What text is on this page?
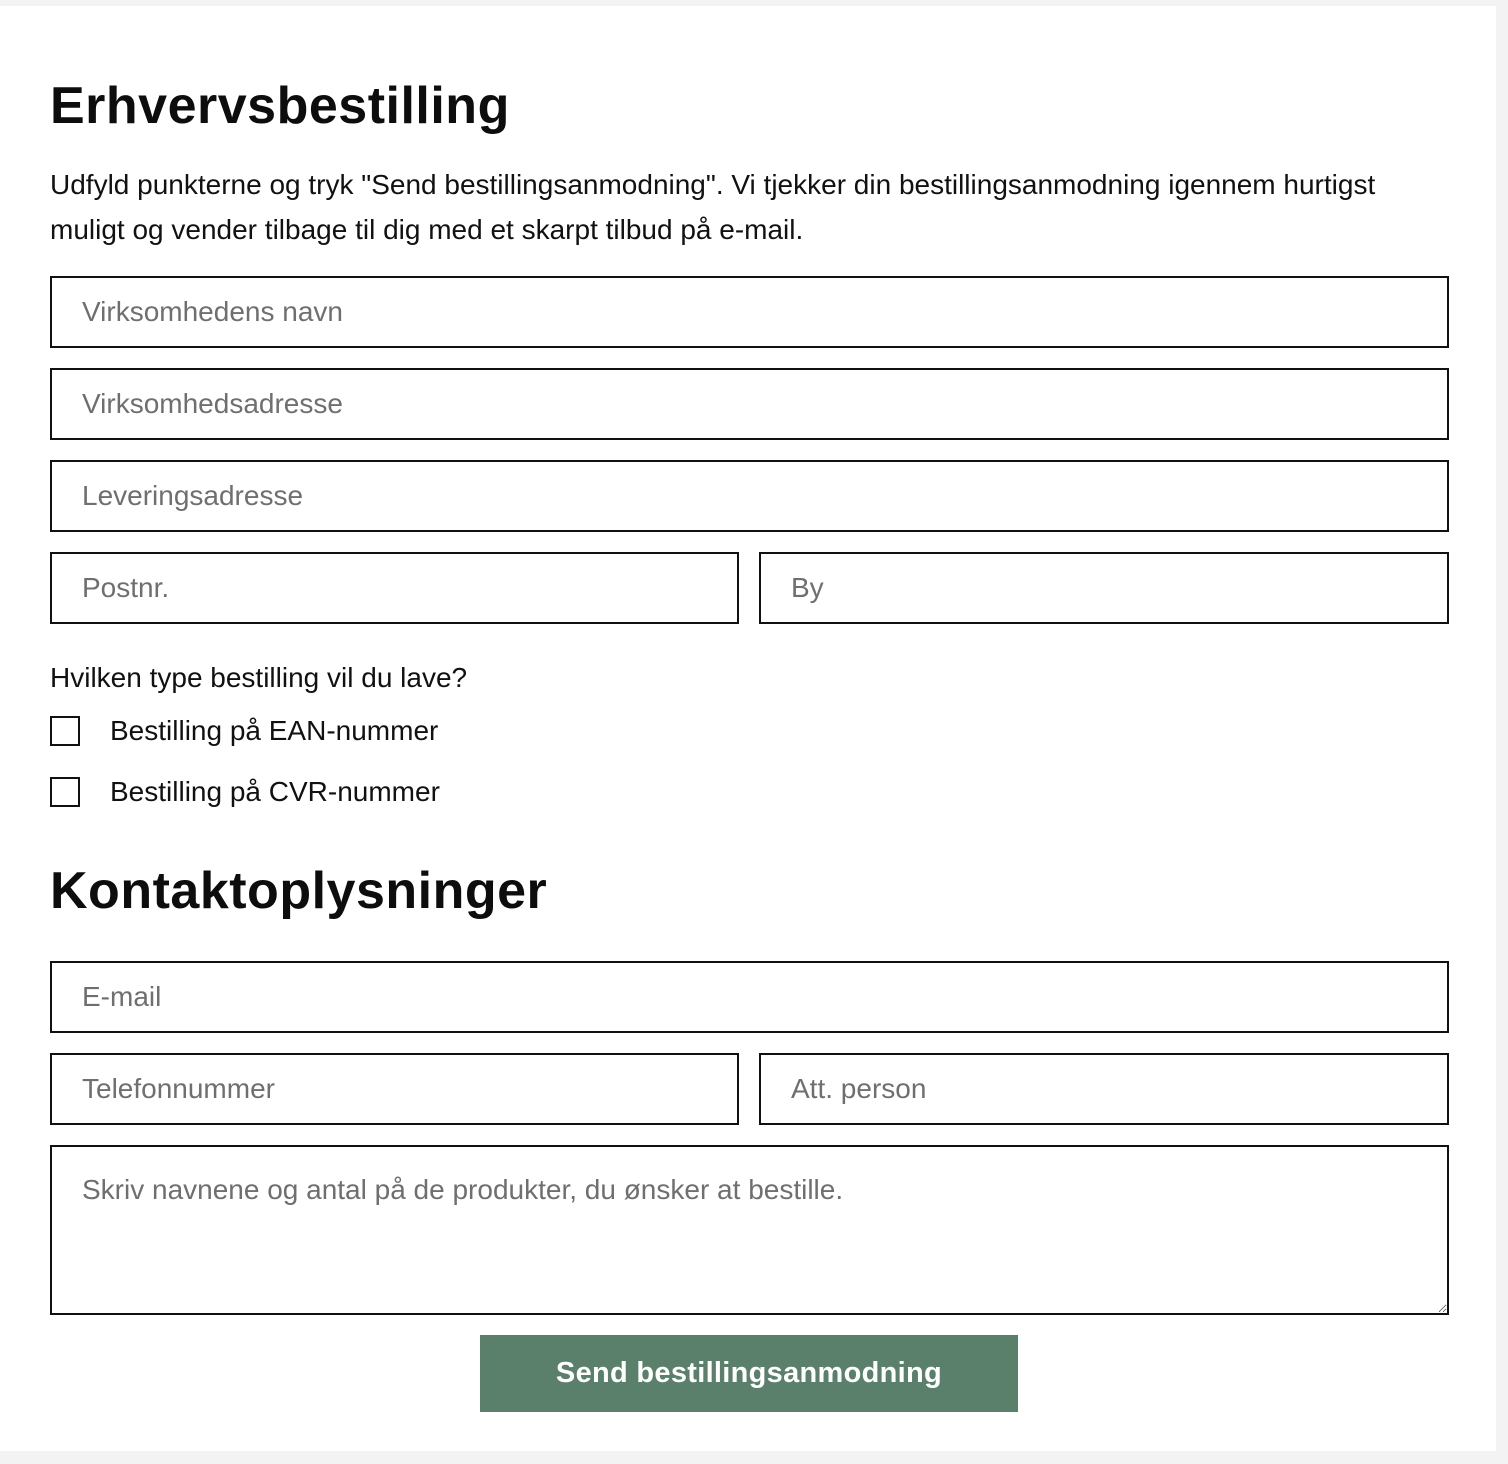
Erhvervsbestilling

Udfyld punkterne og tryk "Send bestillingsanmodning". Vi tjekker din bestillingsanmodning igennem hurtigst muligt og vender tilbage til dig med et skarpt tilbud på e-mail.

Virksomhedens navn
Virksomhedsadresse
Leveringsadresse
Postnr.
By
Hvilken type bestilling vil du lave?
Bestilling på EAN-nummer
Bestilling på CVR-nummer
Kontaktoplysninger
E-mail
Telefonnummer
Att. person
Skriv navnene og antal på de produkter, du ønsker at bestille.
Send bestillingsanmodning
